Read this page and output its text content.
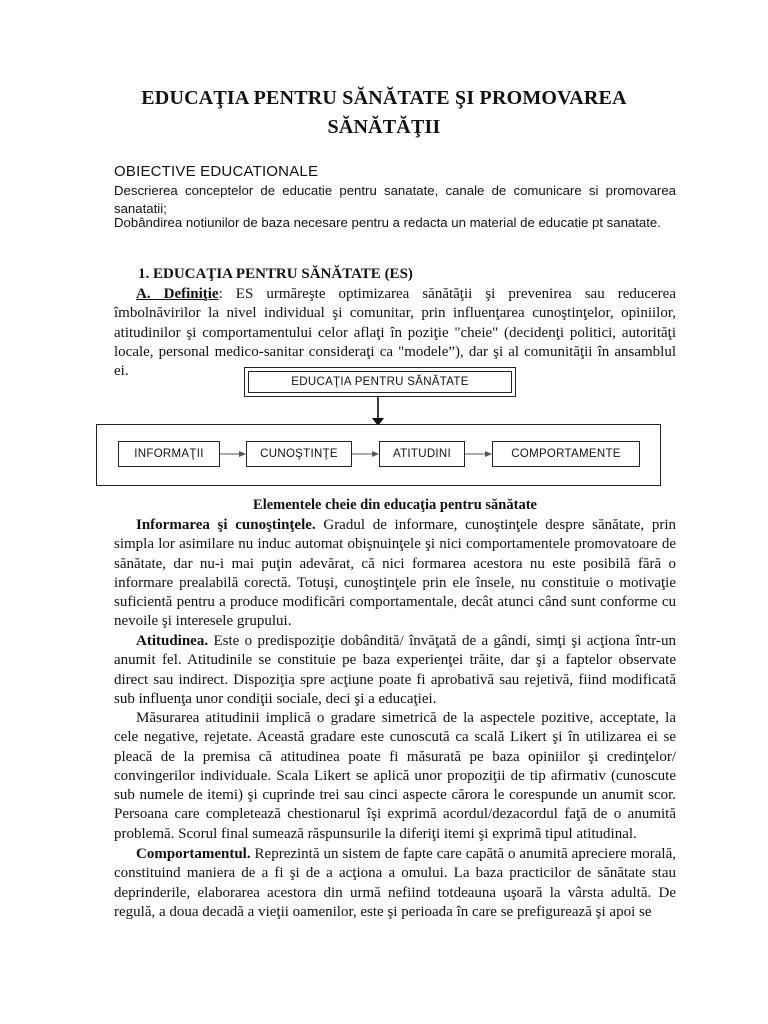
EDUCAŢIA PENTRU SĂNĂTATE ŞI PROMOVAREA SĂNĂTĂŢII
OBIECTIVE EDUCATIONALE
Descrierea conceptelor de educatie pentru sanatate, canale de comunicare si promovarea sanatatii;
Dobândirea notiunilor de baza necesare pentru a redacta un material de educatie pt sanatate.
1. EDUCAŢIA PENTRU SĂNĂTATE (ES)
A. Definiţie: ES urmăreşte optimizarea sănătăţii şi prevenirea sau reducerea îmbolnăvirilor la nivel individual şi comunitar, prin influenţarea cunoştinţelor, opiniilor, atitudinilor şi comportamentului celor aflaţi în poziţie "cheie" (decidenţi politici, autorităţi locale, personal medico-sanitar consideraţi ca "modele”), dar şi al comunităţii în ansamblul ei.
EDUCAŢIA PENTRU SĂNĂTATE
INFORMAŢII	CUNOŞTINŢE	ATITUDINI	COMPORTAMENTE
Elementele cheie din educaţia pentru sănătate
Informarea şi cunoştinţele. Gradul de informare, cunoştinţele despre sănătate, prin simpla lor asimilare nu induc automat obişnuinţele şi nici comportamentele promovatoare de sănătate, dar nu-i mai puţin adevărat, că nici formarea acestora nu este posibilă fără o informare prealabilă corectă. Totuşi, cunoştinţele prin ele însele, nu constituie o motivaţie suficientă pentru a produce modificări comportamentale, decât atunci când sunt conforme cu nevoile şi interesele grupului.
Atitudinea. Este o predispoziţie dobândită/ învăţată de a gândi, simţi şi acţiona într-un anumit fel. Atitudinile se constituie pe baza experienţei trăite, dar şi a faptelor observate direct sau indirect. Dispoziţia spre acţiune poate fi aprobativă sau rejetivă, fiind modificată sub influenţa unor condiţii sociale, deci şi a educaţiei.
Măsurarea atitudinii implică o gradare simetrică de la aspectele pozitive, acceptate, la cele negative, rejetate. Această gradare este cunoscută ca scală Likert şi în utilizarea ei se pleacă de la premisa că atitudinea poate fi măsurată pe baza opiniilor şi credinţelor/ convingerilor individuale. Scala Likert se aplică unor propoziţii de tip afirmativ (cunoscute sub numele de itemi) şi cuprinde trei sau cinci aspecte cărora le corespunde un anumit scor. Persoana care completează chestionarul îşi exprimă acordul/dezacordul faţă de o anumită problemă. Scorul final sumează răspunsurile la diferiţi itemi şi exprimă tipul atitudinal.
Comportamentul. Reprezintă un sistem de fapte care capătă o anumită apreciere morală, constituind maniera de a fi şi de a acţiona a omului. La baza practicilor de sănătate stau deprinderile, elaborarea acestora din urmă nefiind totdeauna uşoară la vârsta adultă. De regulă, a doua decadă a vieţii oamenilor, este şi perioada în care se prefigurează şi apoi se
